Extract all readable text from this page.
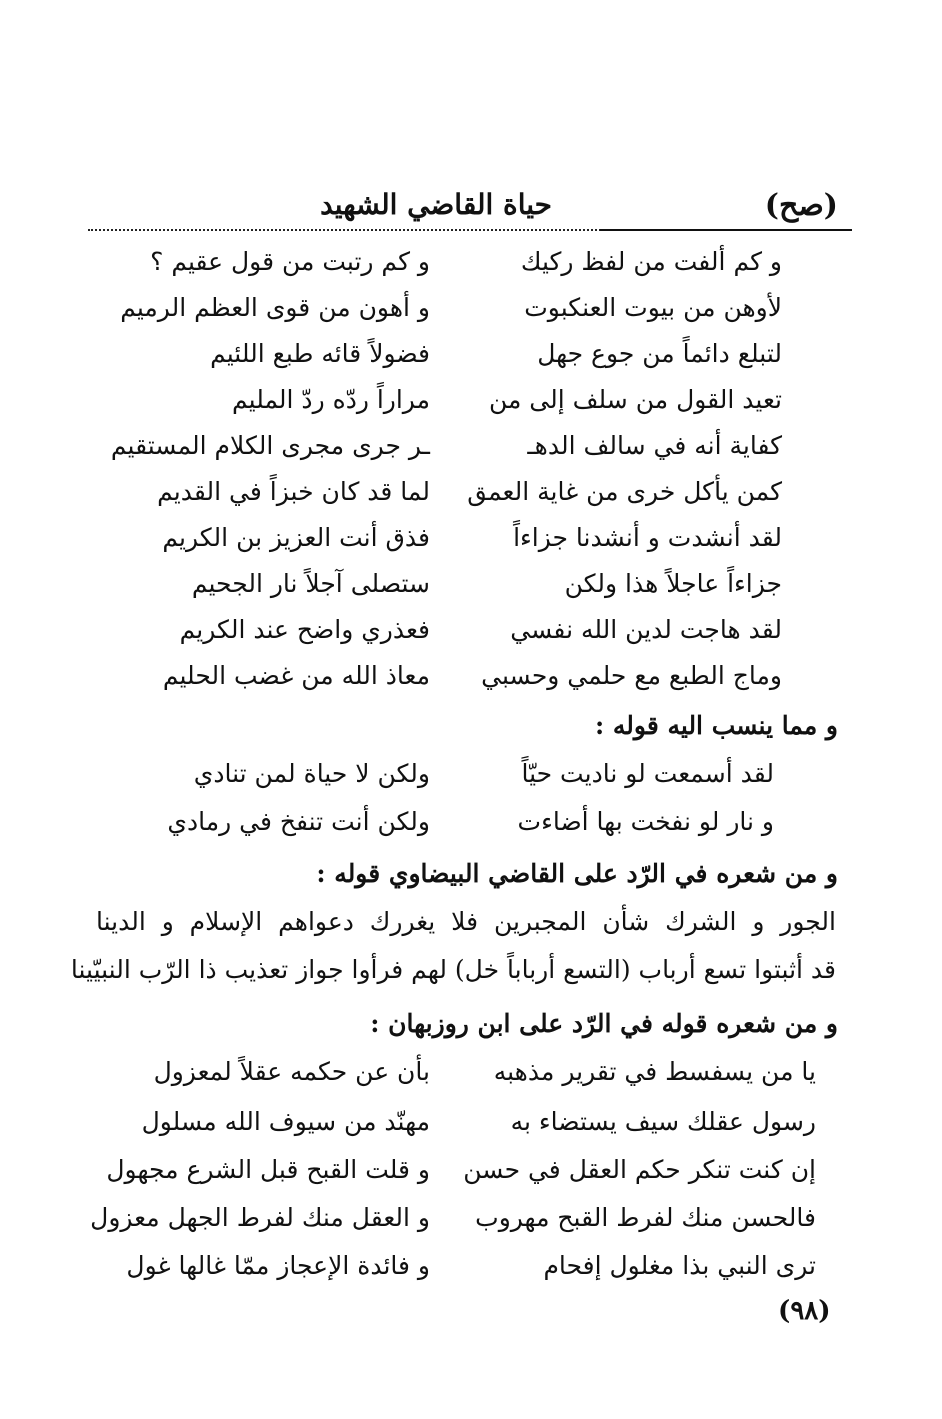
(صح)
حياة القاضي الشهيد
و كم ألفت من لفظ ركيك
و كم رتبت من قول عقيم ؟
لأوهن من بيوت العنكبوت
و أهون من قوى العظم الرميم
لتبلع دائماً من جوع جهل
فضولاً قائه طبع اللئيم
تعيد القول من سلف إلى من
مراراً ردّه ردّ المليم
كفاية أنه في سالف الدهـ
ـر جرى مجرى الكلام المستقيم
كمن يأكل خرى من غاية العمق
لما قد كان خبزاً في القديم
لقد أنشدت و أنشدنا جزاءاً
فذق أنت العزيز بن الكريم
جزاءاً عاجلاً هذا ولكن
ستصلى آجلاً نار الجحيم
لقد هاجت لدين الله نفسي
فعذري واضح عند الكريم
وماج الطبع مع حلمي وحسبي
معاذ الله من غضب الحليم
و مما ينسب اليه قوله :
لقد أسمعت لو ناديت حيّاً
ولكن لا حياة لمن تنادي
و نار لو نفخت بها أضاءت
ولكن أنت تنفخ في رمادي
و من شعره في الرّد على القاضي البيضاوي قوله :
الجور و الشرك شأن المجبرين فلا يغررك دعواهم الإسلام و الدينا
قد أثبتوا تسع أرباب (التسع أرباباً خل) لهم فرأوا جواز تعذيب ذا الرّب النبيّينا
و من شعره قوله في الرّد على ابن روزبهان :
يا من يسفسط في تقرير مذهبه
بأن عن حكمه عقلاً لمعزول
رسول عقلك سيف يستضاء به
مهنّد من سيوف الله مسلول
إن كنت تنكر حكم العقل في حسن
و قلت القبح قبل الشرع مجهول
فالحسن منك لفرط القبح مهروب
و العقل منك لفرط الجهل معزول
ترى النبي بذا مغلول إفحام
و فائدة الإعجاز ممّا غالها غول
(٩٨)
